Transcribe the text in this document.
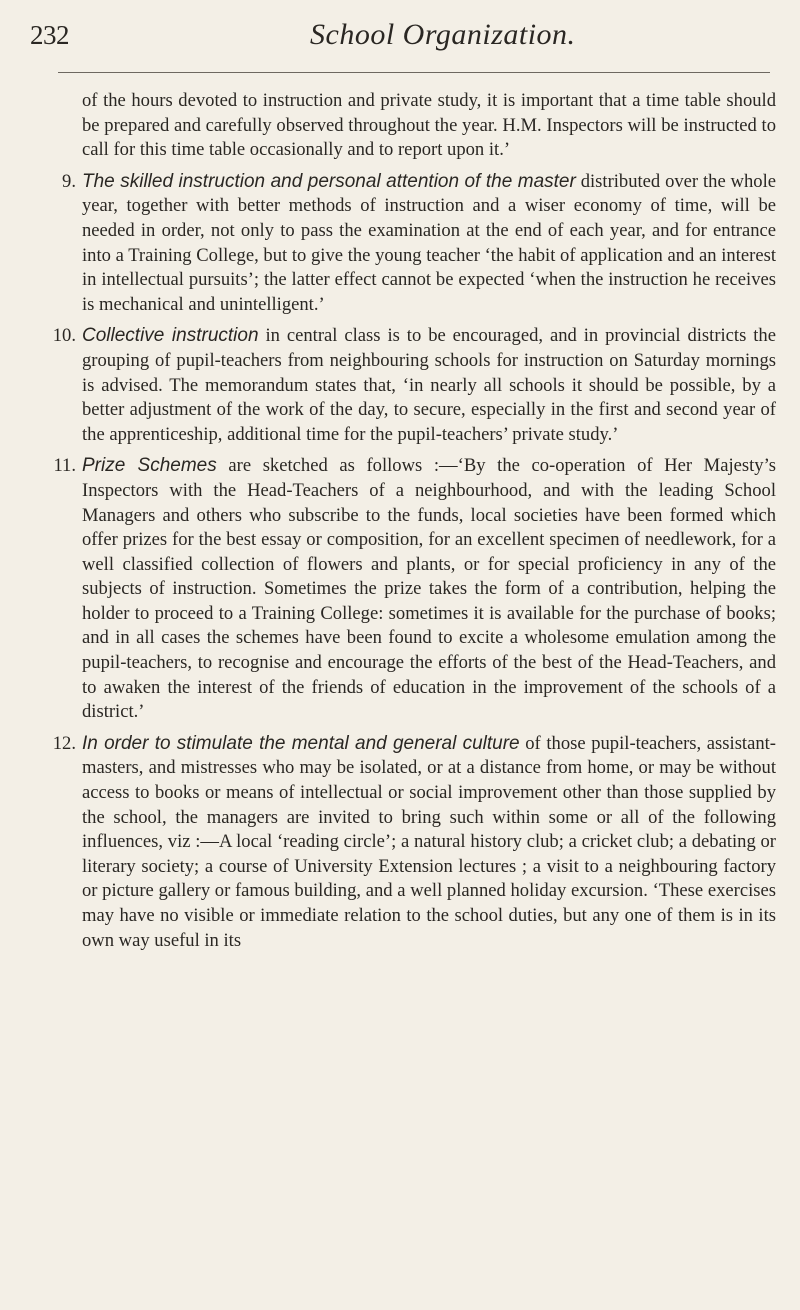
232	School Organization.

of the hours devoted to instruction and private study, it is important that a time table should be prepared and carefully observed throughout the year. H.M. Inspectors will be instructed to call for this time table occasionally and to report upon it.’

9. The skilled instruction and personal attention of the master distributed over the whole year, together with better methods of instruction and a wiser economy of time, will be needed in order, not only to pass the examination at the end of each year, and for entrance into a Training College, but to give the young teacher ‘the habit of application and an interest in intellectual pursuits’; the latter effect cannot be expected ‘when the instruction he receives is mechanical and unintelligent.’

10. Collective instruction in central class is to be encouraged, and in provincial districts the grouping of pupil-teachers from neighbouring schools for instruction on Saturday mornings is advised. The memorandum states that, ‘in nearly all schools it should be possible, by a better adjustment of the work of the day, to secure, especially in the first and second year of the apprenticeship, additional time for the pupil-teachers’ private study.’

11. Prize Schemes are sketched as follows :—‘By the co-operation of Her Majesty’s Inspectors with the Head-Teachers of a neighbourhood, and with the leading School Managers and others who subscribe to the funds, local societies have been formed which offer prizes for the best essay or composition, for an excellent specimen of needlework, for a well classified collection of flowers and plants, or for special proficiency in any of the subjects of instruction. Sometimes the prize takes the form of a contribution, helping the holder to proceed to a Training College: sometimes it is available for the purchase of books; and in all cases the schemes have been found to excite a wholesome emulation among the pupil-teachers, to recognise and encourage the efforts of the best of the Head-Teachers, and to awaken the interest of the friends of education in the improvement of the schools of a district.’

12. In order to stimulate the mental and general culture of those pupil-teachers, assistant-masters, and mistresses who may be isolated, or at a distance from home, or may be without access to books or means of intellectual or social improvement other than those supplied by the school, the managers are invited to bring such within some or all of the following influences, viz :—A local ‘reading circle’; a natural history club; a cricket club; a debating or literary society; a course of University Extension lectures ; a visit to a neighbouring factory or picture gallery or famous building, and a well planned holiday excursion. ‘These exercises may have no visible or immediate relation to the school duties, but any one of them is in its own way useful in its
